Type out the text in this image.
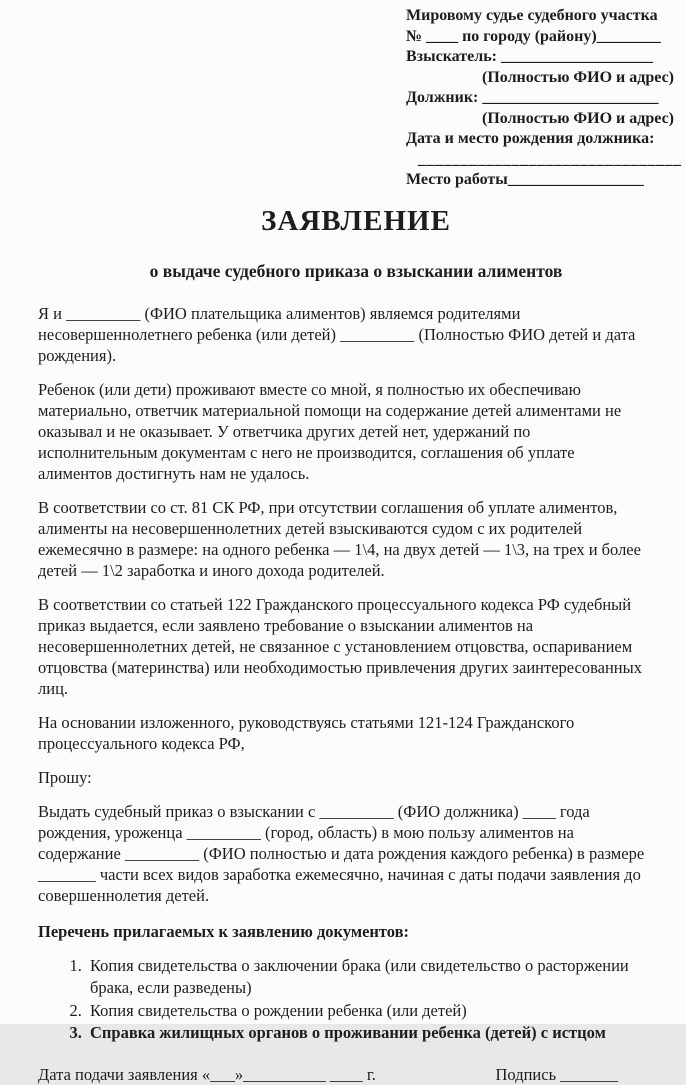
Мировому судье судебного участка
№ ____ по городу (району)________
Взыскатель: ___________________
(Полностью ФИО и адрес)
Должник: ______________________
(Полностью ФИО и адрес)
Дата и место рождения должника:
_______________________________
Место работы_________________
ЗАЯВЛЕНИЕ
о выдаче судебного приказа о взыскании алиментов

Я и _________ (ФИО плательщика алиментов) являемся родителями несовершеннолетнего ребенка (или детей) _________ (Полностью ФИО детей и дата рождения).

Ребенок (или дети) проживают вместе со мной, я полностью их обеспечиваю материально, ответчик материальной помощи на содержание детей алиментами не оказывал и не оказывает. У ответчика других детей нет, удержаний по исполнительным документам с него не производится, соглашения об уплате алиментов достигнуть нам не удалось.

В соответствии со ст. 81 СК РФ, при отсутствии соглашения об уплате алиментов, алименты на несовершеннолетних детей взыскиваются судом с их родителей ежемесячно в размере: на одного ребенка — 1\4, на двух детей — 1\3, на трех и более детей — 1\2 заработка и иного дохода родителей.

В соответствии со статьей 122 Гражданского процессуального кодекса РФ судебный приказ выдается, если заявлено требование о взыскании алиментов на несовершеннолетних детей, не связанное с установлением отцовства, оспариванием отцовства (материнства) или необходимостью привлечения других заинтересованных лиц.

На основании изложенного, руководствуясь статьями 121-124 Гражданского процессуального кодекса РФ,

Прошу:

Выдать судебный приказ о взыскании с _________ (ФИО должника) ____ года рождения, уроженца _________ (город, область) в мою пользу алиментов на содержание _________ (ФИО полностью и дата рождения каждого ребенка) в размере _______ части всех видов заработка ежемесячно, начиная с даты подачи заявления до совершеннолетия детей.

Перечень прилагаемых к заявлению документов:
1. Копия свидетельства о заключении брака (или свидетельство о расторжении брака, если разведены)
2. Копия свидетельства о рождении ребенка (или детей)
3. Справка жилищных органов о проживании ребенка (детей) с истцом
Дата подачи заявления «___»__________ ____ г.	Подпись _______
